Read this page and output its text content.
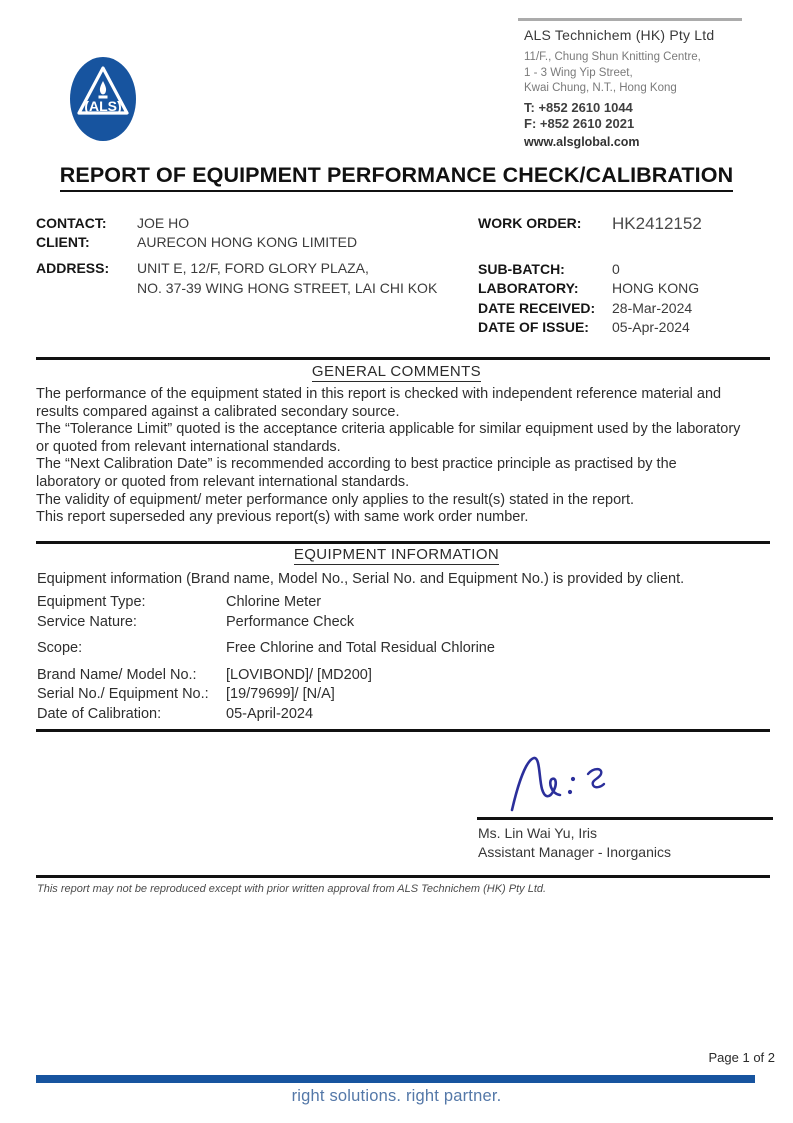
(ALS)
ALS Technichem (HK) Pty Ltd
11/F., Chung Shun Knitting Centre,
1 - 3 Wing Yip Street,
Kwai Chung, N.T., Hong Kong
T: +852 2610 1044
F: +852 2610 2021
www.alsglobal.com
REPORT OF EQUIPMENT PERFORMANCE CHECK/CALIBRATION
CONTACT: JOE HO
CLIENT:	AURECON HONG KONG LIMITED
ADDRESS: UNIT E, 12/F, FORD GLORY PLAZA,
NO. 37-39 WING HONG STREET, LAI CHI KOK
WORK ORDER: HK2412152
SUB-BATCH:	0
LABORATORY: HONG KONG
DATE RECEIVED: 28-Mar-2024
DATE OF ISSUE: 05-Apr-2024
GENERAL COMMENTS

The performance of the equipment stated in this report is checked with independent reference material and results compared against a calibrated secondary source.

The “Tolerance Limit” quoted is the acceptance criteria applicable for similar equipment used by the laboratory or quoted from relevant international standards.

The “Next Calibration Date” is recommended according to best practice principle as practised by the laboratory or quoted from relevant international standards.

The validity of equipment/ meter performance only applies to the result(s) stated in the report.

This report superseded any previous report(s) with same work order number.

EQUIPMENT INFORMATION
Equipment information (Brand name, Model No., Serial No. and Equipment No.) is provided by client.
Equipment Type:	Chlorine Meter
Service Nature:	Performance Check
Scope:	Free Chlorine and Total Residual Chlorine
Brand Name/ Model No.:	[LOVIBOND]/ [MD200]
Serial No./ Equipment No.:	[19/79699]/ [N/A]
Date of Calibration:	05-April-2024
Ms. Lin Wai Yu, Iris
Assistant Manager - Inorganics
This report may not be reproduced except with prior written approval from ALS Technichem (HK) Pty Ltd.
Page 1 of 2
right solutions. right partner.
